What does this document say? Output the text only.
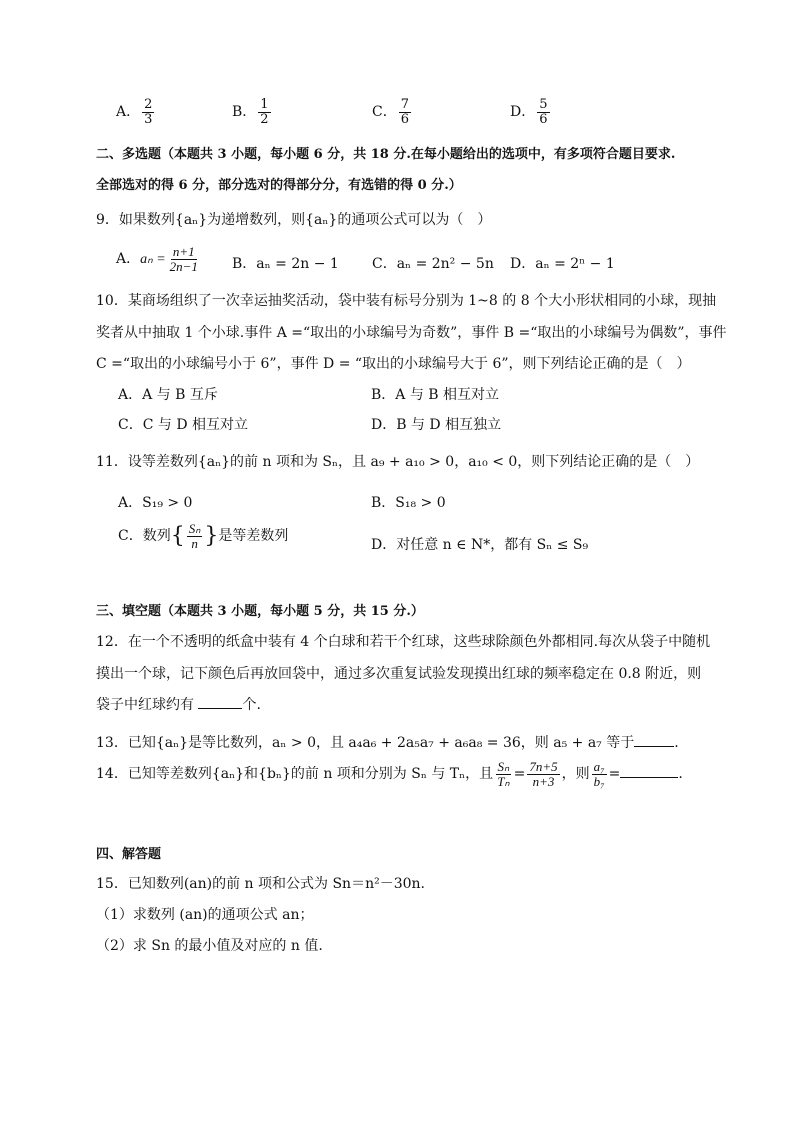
A． $\frac{2}{3}$	B． $\frac{1}{2}$	C． $\frac{7}{6}$	D． $\frac{5}{6}$
二、多选题（本题共 3 小题，每小题 6 分，共 18 分.在每小题给出的选项中，有多项符合题目要求.
全部选对的得 6 分，部分选对的得部分分，有选错的得 0 分.）
9．如果数列{aₙ}为递增数列，则{aₙ}的通项公式可以为（　）
A．$a_n = \frac{n+1}{2n-1}$ B．aₙ = 2n − 1 C．aₙ = 2n² − 5n D．aₙ = 2ⁿ − 1
10．某商场组织了一次幸运抽奖活动，袋中装有标号分别为 1~8 的 8 个大小形状相同的小球，现抽
奖者从中抽取 1 个小球.事件 A =“取出的小球编号为奇数”，事件 B =“取出的小球编号为偶数”，事件
C =“取出的小球编号小于 6”，事件 D = “取出的小球编号大于 6”，则下列结论正确的是（　）
A．A 与 B 互斥	B．A 与 B 相互对立
C．C 与 D 相互对立	D．B 与 D 相互独立
11．设等差数列{aₙ}的前 n 项和为 Sₙ，且 a₉ + a₁₀ > 0，a₁₀ < 0，则下列结论正确的是（　）
A．S₁₉ > 0	B．S₁₈ > 0
C．数列{ $\frac{\text{Sₙ}}{n}$ }是等差数列
D．对任意 n ∈ N*，都有 Sₙ ≤ S₉
三、填空题（本题共 3 小题，每小题 5 分，共 15 分.）
12．在一个不透明的纸盒中装有 4 个白球和若干个红球，这些球除颜色外都相同.每次从袋子中随机
摸出一个球，记下颜色后再放回袋中，通过多次重复试验发现摸出红球的频率稳定在 0.8 附近，则
袋子中红球约有	个.
13．已知{aₙ}是等比数列，aₙ > 0，且 a₄a₆ + 2a₅a₇ + a₆a₈ = 36，则 a₅ + a₇ 等于	.
14．已知等差数列{aₙ}和{bₙ}的前 n 项和分别为 Sₙ 与 Tₙ，且 $\frac{\text{Sₙ}}{\text{Tₙ}} = \frac{7n+5}{n+3}$ ，则 $\frac{\text{a₇}}{\text{b₇}}$ =	.
四、解答题
15．已知数列(an)的前 n 项和公式为 Sn＝n²－30n.
（1）求数列 (an)的通项公式 an；
（2）求 Sn 的最小值及对应的 n 值.
